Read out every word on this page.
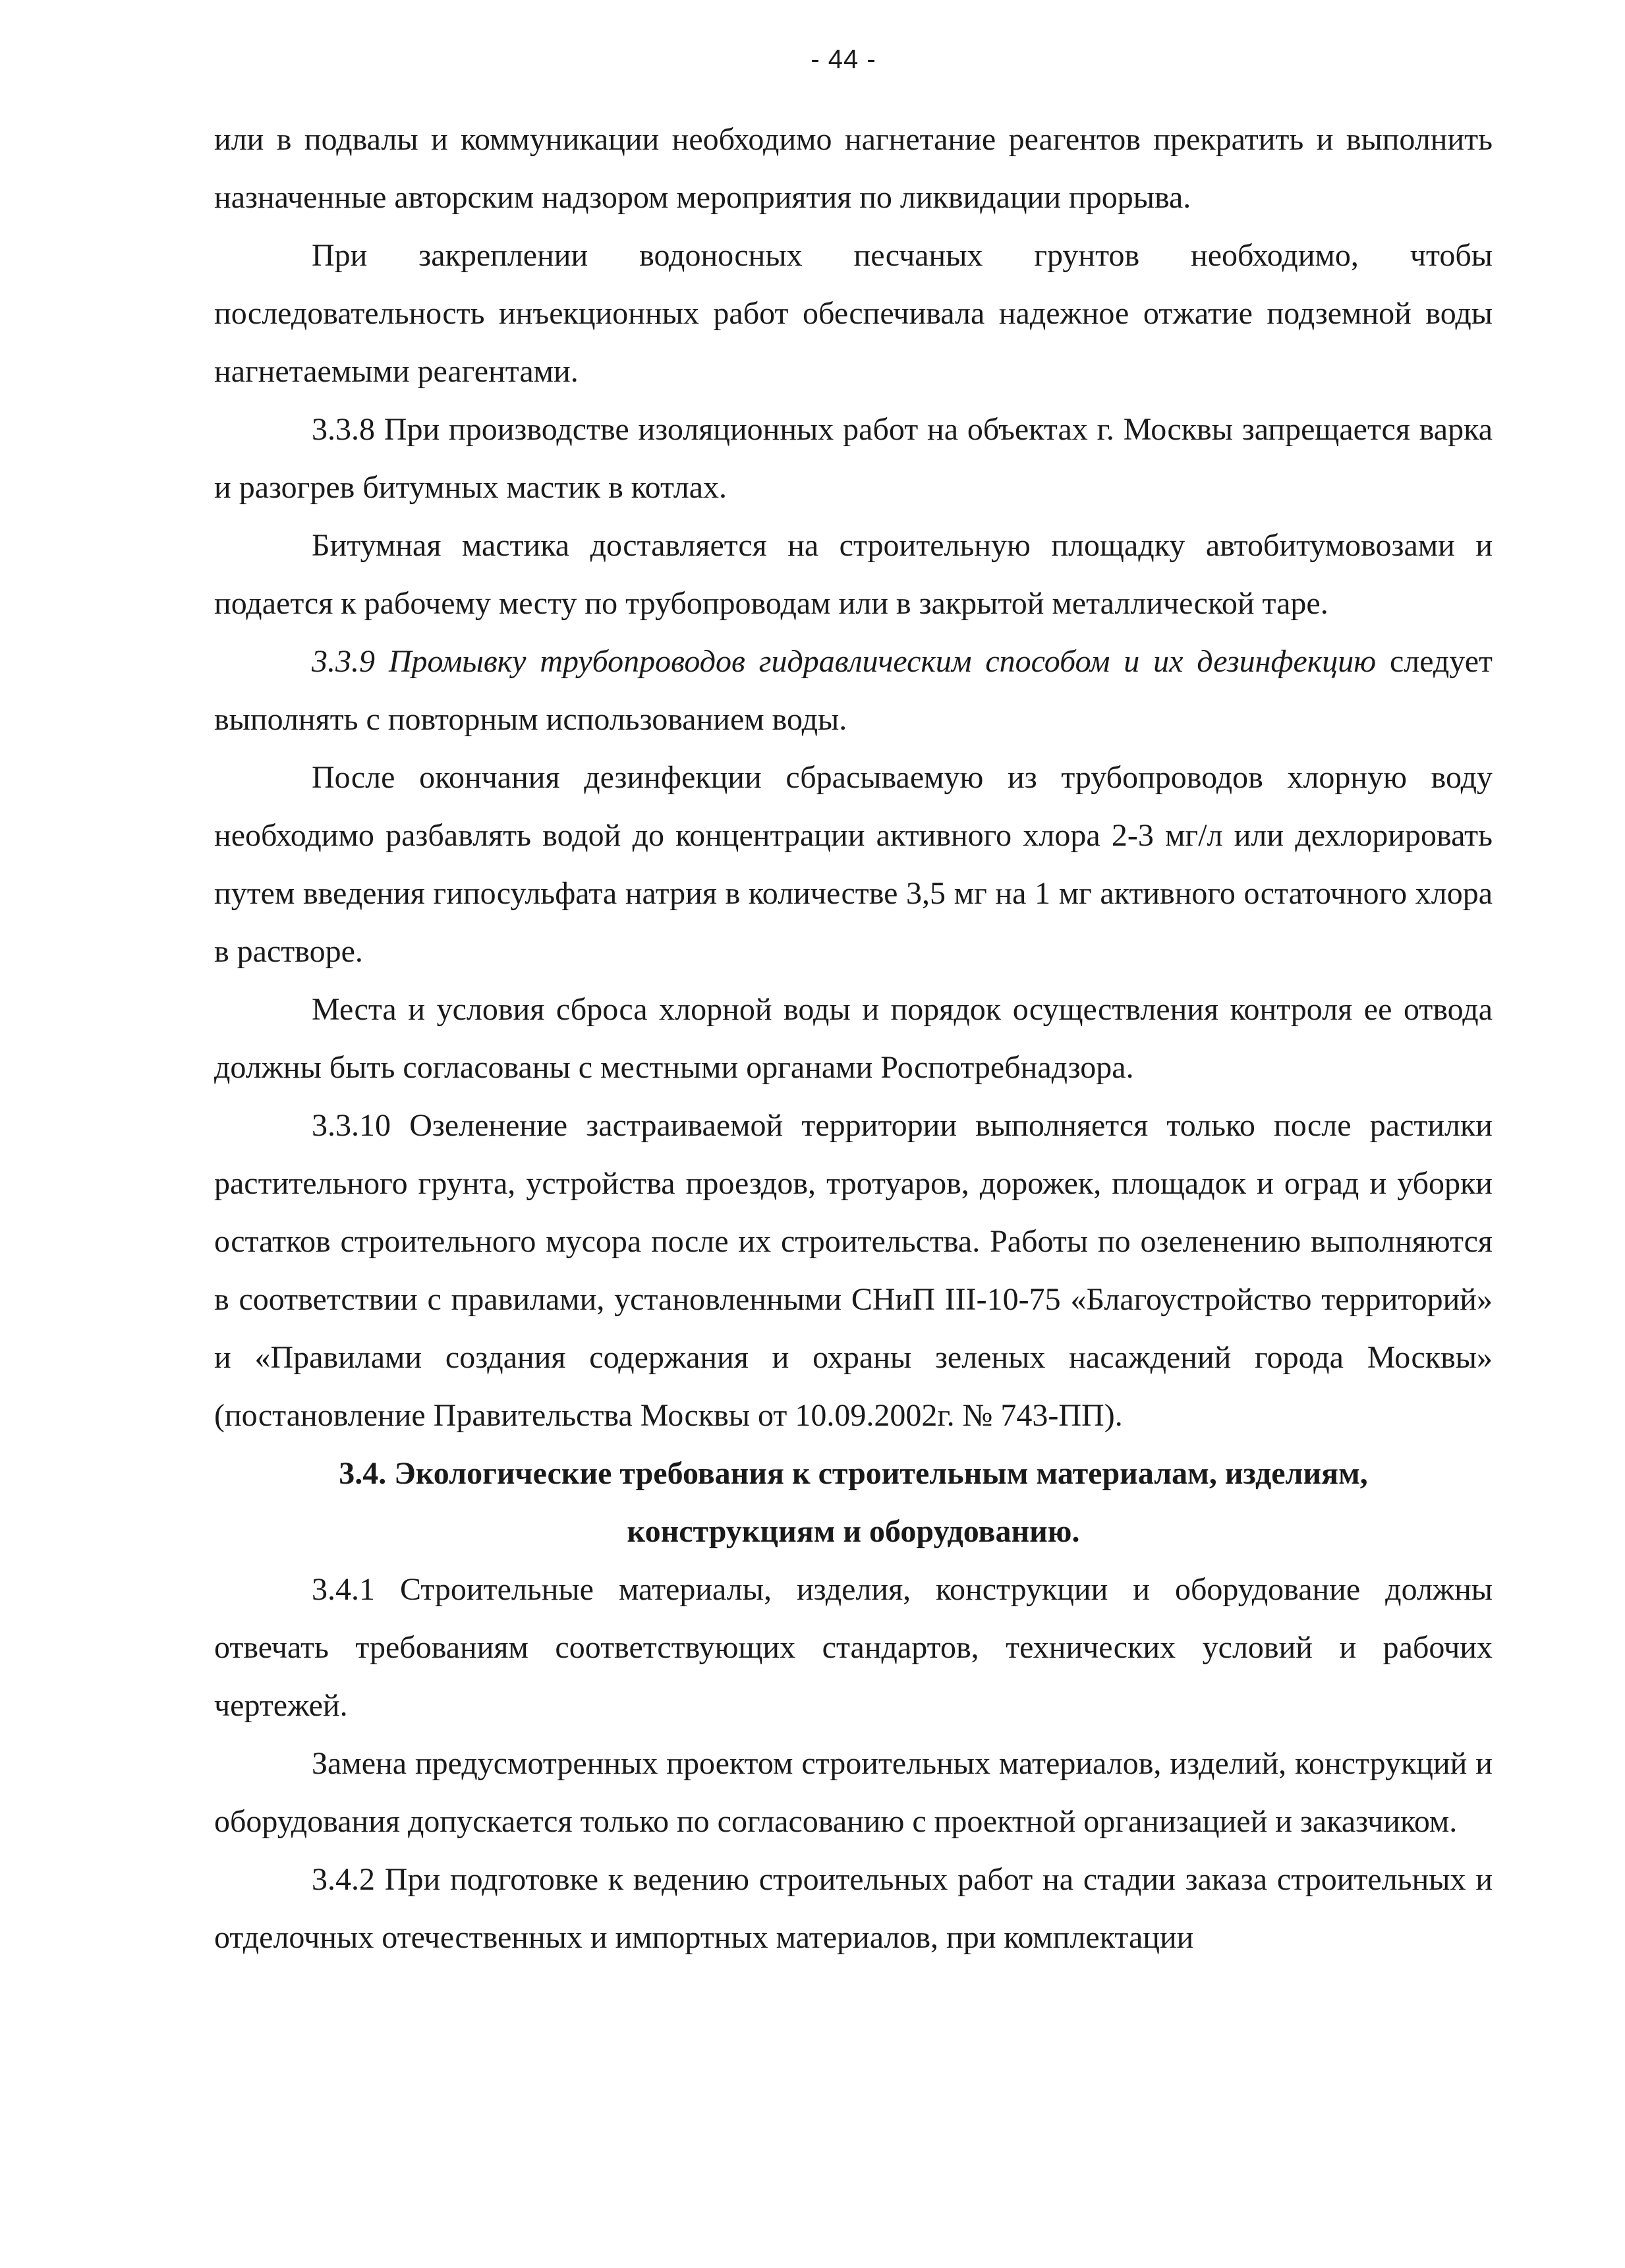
- 44 -

или в подвалы и коммуникации необходимо нагнетание реагентов прекратить и выполнить назначенные авторским надзором мероприятия по ликвидации прорыва.

При закреплении водоносных песчаных грунтов необходимо, чтобы последовательность инъекционных работ обеспечивала надежное отжатие подземной воды нагнетаемыми реагентами.

3.3.8 При производстве изоляционных работ на объектах г. Москвы запрещается варка и разогрев битумных мастик в котлах.

Битумная мастика доставляется на строительную площадку автобитумовозами и подается к рабочему месту по трубопроводам или в закрытой металлической таре.

3.3.9 Промывку трубопроводов гидравлическим способом и их дезинфекцию следует выполнять с повторным использованием воды.

После окончания дезинфекции сбрасываемую из трубопроводов хлорную воду необходимо разбавлять водой до концентрации активного хлора 2-3 мг/л или дехлорировать путем введения гипосульфата натрия в количестве 3,5 мг на 1 мг активного остаточного хлора в растворе.

Места и условия сброса хлорной воды и порядок осуществления контроля ее отвода должны быть согласованы с местными органами Роспотребнадзора.

3.3.10 Озеленение застраиваемой территории выполняется только после растилки растительного грунта, устройства проездов, тротуаров, дорожек, площадок и оград и уборки остатков строительного мусора после их строительства. Работы по озеленению выполняются в соответствии с правилами, установленными СНиП III-10-75 «Благоустройство территорий» и «Правилами создания содержания и охраны зеленых насаждений города Москвы» (постановление Правительства Москвы от 10.09.2002г. № 743-ПП).

3.4. Экологические требования к строительным материалам, изделиям,

конструкциям и оборудованию.

3.4.1 Строительные материалы, изделия, конструкции и оборудование должны отвечать требованиям соответствующих стандартов, технических условий и рабочих чертежей.

Замена предусмотренных проектом строительных материалов, изделий, конструкций и оборудования допускается только по согласованию с проектной организацией и заказчиком.

3.4.2 При подготовке к ведению строительных работ на стадии заказа строительных и отделочных отечественных и импортных материалов, при комплектации
